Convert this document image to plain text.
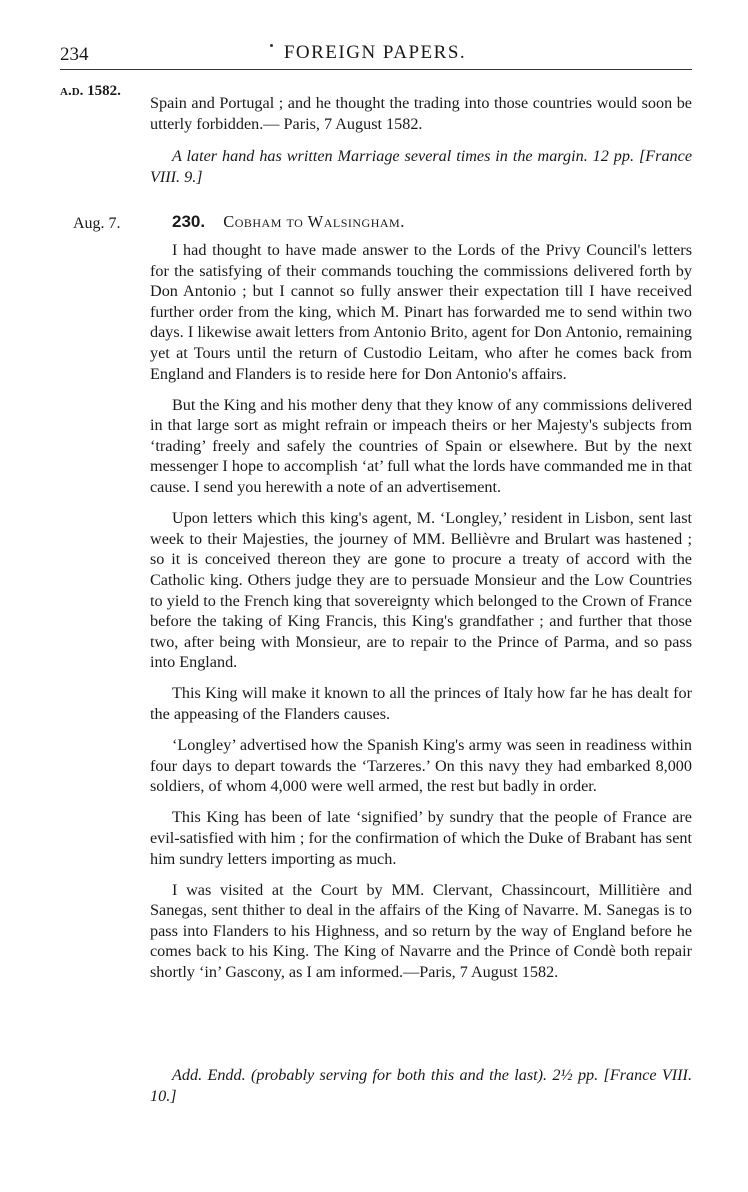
234	FOREIGN PAPERS.
a.d. 1582.
Aug. 7.

Spain and Portugal ; and he thought the trading into those countries would soon be utterly forbidden.— Paris, 7 August 1582.

A later hand has written Marriage several times in the margin. 12 pp. [France VIII. 9.]

230. Cobham to Walsingham.

I had thought to have made answer to the Lords of the Privy Council's letters for the satisfying of their commands touching the commissions delivered forth by Don Antonio ; but I cannot so fully answer their expectation till I have received further order from the king, which M. Pinart has forwarded me to send within two days. I likewise await letters from Antonio Brito, agent for Don Antonio, remaining yet at Tours until the return of Custodio Leitam, who after he comes back from England and Flanders is to reside here for Don Antonio's affairs.

But the King and his mother deny that they know of any commissions delivered in that large sort as might refrain or impeach theirs or her Majesty's subjects from ‘trading’ freely and safely the countries of Spain or elsewhere. But by the next messenger I hope to accomplish ‘at’ full what the lords have commanded me in that cause. I send you herewith a note of an advertisement.

Upon letters which this king's agent, M. ‘Longley,’ resident in Lisbon, sent last week to their Majesties, the journey of MM. Bellièvre and Brulart was hastened ; so it is conceived thereon they are gone to procure a treaty of accord with the Catholic king. Others judge they are to persuade Monsieur and the Low Countries to yield to the French king that sovereignty which belonged to the Crown of France before the taking of King Francis, this King's grandfather ; and further that those two, after being with Monsieur, are to repair to the Prince of Parma, and so pass into England.

This King will make it known to all the princes of Italy how far he has dealt for the appeasing of the Flanders causes.

‘Longley’ advertised how the Spanish King's army was seen in readiness within four days to depart towards the ‘Tarzeres.’ On this navy they had embarked 8,000 soldiers, of whom 4,000 were well armed, the rest but badly in order.

This King has been of late ‘signified’ by sundry that the people of France are evil-satisfied with him ; for the confirmation of which the Duke of Brabant has sent him sundry letters importing as much.

I was visited at the Court by MM. Clervant, Chassincourt, Millitière and Sanegas, sent thither to deal in the affairs of the King of Navarre. M. Sanegas is to pass into Flanders to his Highness, and so return by the way of England before he comes back to his King. The King of Navarre and the Prince of Condè both repair shortly ‘in’ Gascony, as I am informed.—Paris, 7 August 1582.

Add. Endd. (probably serving for both this and the last). 2½ pp. [France VIII. 10.]
